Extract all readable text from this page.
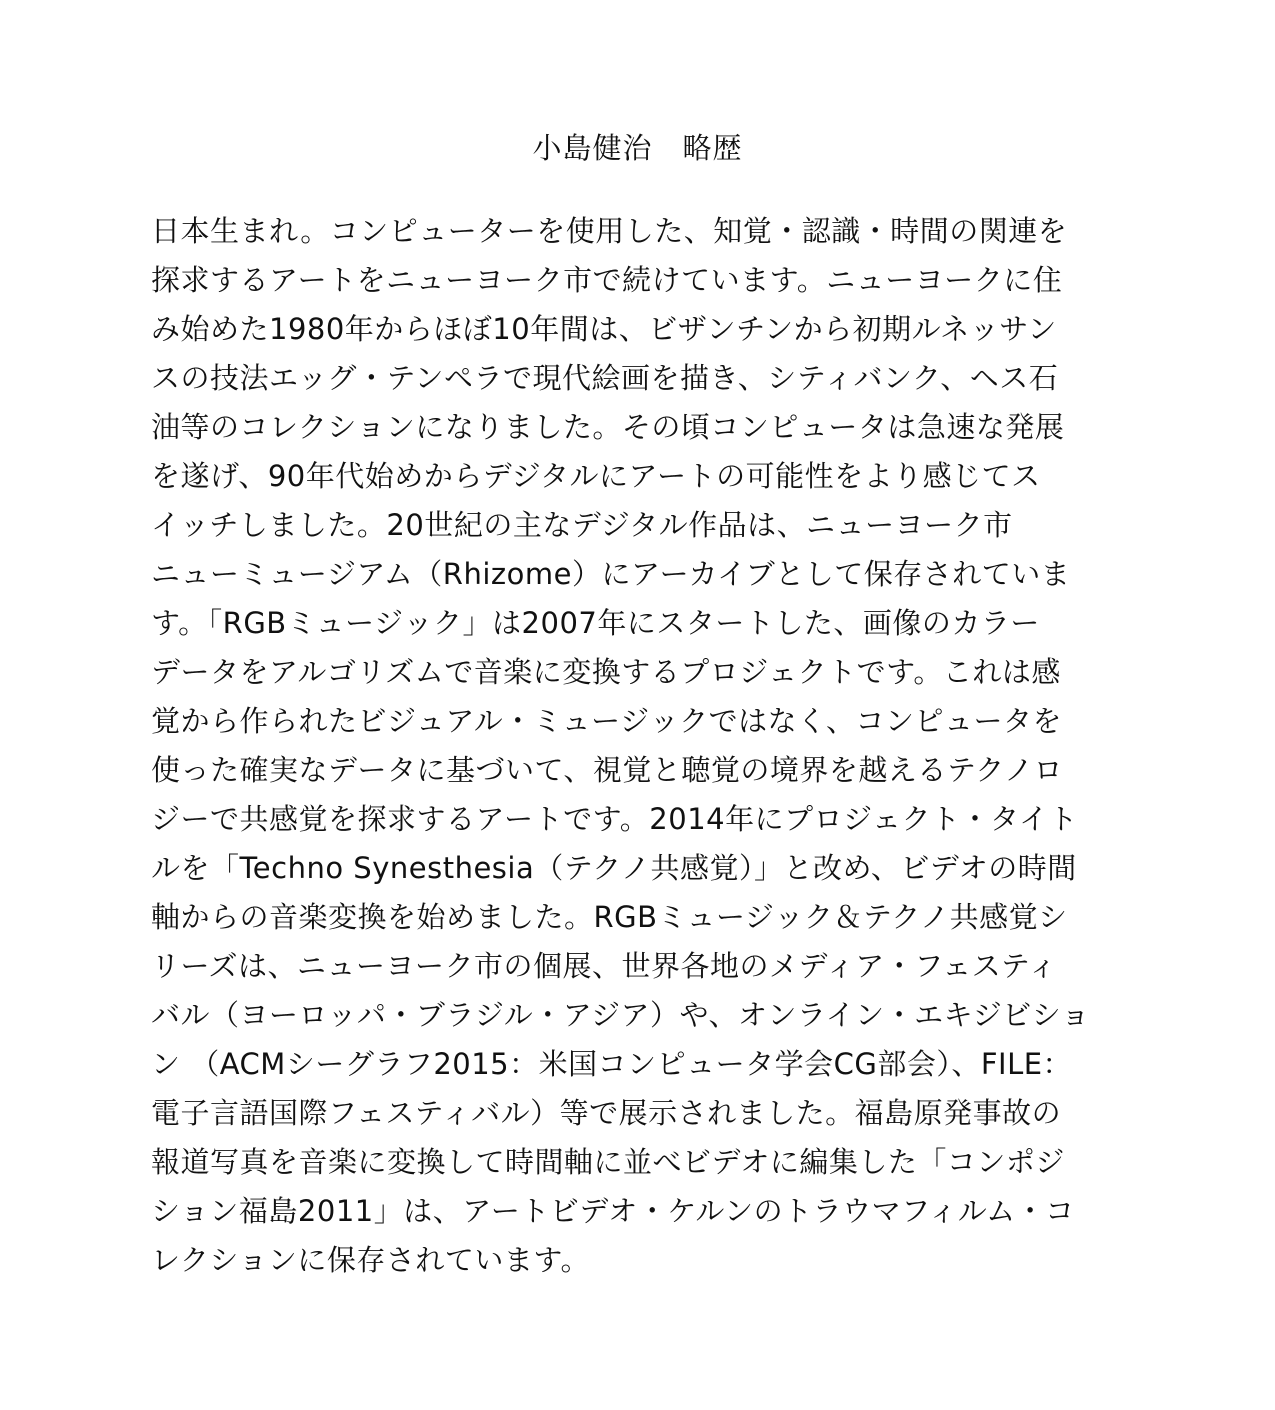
小島健治　略歴
日本生まれ。コンピューターを使用した、知覚・認識・時間の関連を
探求するアートをニューヨーク市で続けています。ニューヨークに住
み始めた1980年からほぼ10年間は、ビザンチンから初期ルネッサン
スの技法エッグ・テンペラで現代絵画を描き、シティバンク、ヘス石
油等のコレクションになりました。その頃コンピュータは急速な発展
を遂げ、90年代始めからデジタルにアートの可能性をより感じてス
イッチしました。20世紀の主なデジタル作品は、ニューヨーク市
ニューミュージアム（Rhizome）にアーカイブとして保存されていま
す。「RGBミュージック」は2007年にスタートした、画像のカラー
データをアルゴリズムで音楽に変換するプロジェクトです。これは感
覚から作られたビジュアル・ミュージックではなく、コンピュータを
使った確実なデータに基づいて、視覚と聴覚の境界を越えるテクノロ
ジーで共感覚を探求するアートです。2014年にプロジェクト・タイト
ルを「Techno Synesthesia（テクノ共感覚）」と改め、ビデオの時間
軸からの音楽変換を始めました。RGBミュージック＆テクノ共感覚シ
リーズは、ニューヨーク市の個展、世界各地のメディア・フェスティ
バル（ヨーロッパ・ブラジル・アジア）や、オンライン・エキジビショ
ン （ACMシーグラフ2015：米国コンピュータ学会CG部会）、FILE：
電子言語国際フェスティバル）等で展示されました。福島原発事故の
報道写真を音楽に変換して時間軸に並べビデオに編集した「コンポジ
ション福島2011」は、アートビデオ・ケルンのトラウマフィルム・コ
レクションに保存されています。
